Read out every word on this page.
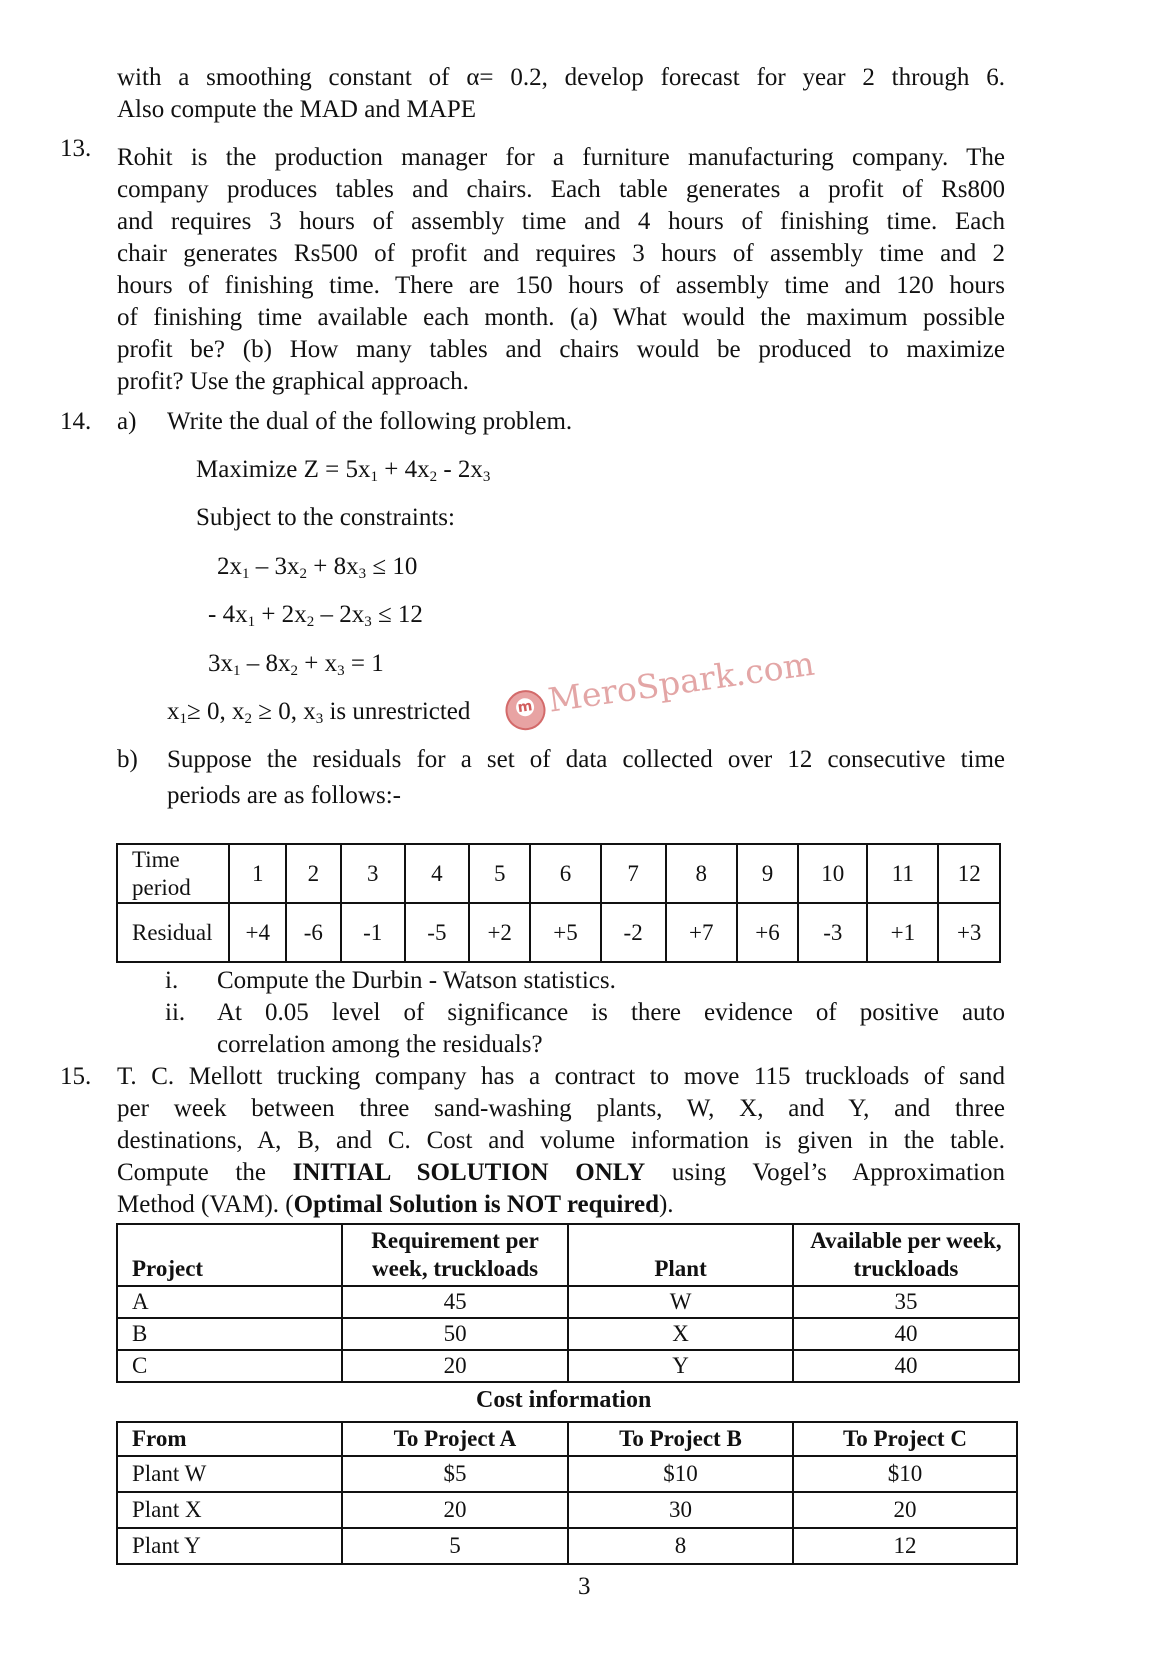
with a smoothing constant of α= 0.2, develop forecast for year 2 through 6.
Also compute the MAD and MAPE
13. Rohit is the production manager for a furniture manufacturing company. The
company produces tables and chairs. Each table generates a profit of Rs800
and requires 3 hours of assembly time and 4 hours of finishing time. Each
chair generates Rs500 of profit and requires 3 hours of assembly time and 2
hours of finishing time. There are 150 hours of assembly time and 120 hours
of finishing time available each month. (a) What would the maximum possible
profit be? (b) How many tables and chairs would be produced to maximize
profit? Use the graphical approach.
14. a) Write the dual of the following problem.
Maximize $Z = 5x_1 + 4x_2 - 2x_3$
Subject to the constraints:
$2x_1 - 3x_2 + 8x_3 \le 10$
- $4x_1 + 2x_2 - 2x_3 \le 12$
$3x_1 - 8x_2 + x_3 = 1$
$x_1\ge 0$, $x_2 \ge 0$, $x_3$ is unrestricted	m MeroSpark.com
b) Suppose the residuals for a set of data collected over 12 consecutive time
periods are as follows:-
Time period	1	2	3	4	5	6	7	8	9	10	11	12
Residual	+4	-6	-1	-5	+2	+5	-2	+7	+6	-3	+1	+3
i. Compute the Durbin - Watson statistics.
ii. At 0.05 level of significance is there evidence of positive auto
correlation among the residuals?
15. T. C. Mellott trucking company has a contract to move 115 truckloads of sand
per week between three sand-washing plants, W, X, and Y, and three
destinations, A, B, and C. Cost and volume information is given in the table.
Compute the INITIAL SOLUTION ONLY using Vogel’s Approximation
Method (VAM). (Optimal Solution is NOT required).
Project	Requirement per week, truckloads	Plant	Available per week, truckloads
A	45	W	35
B	50	X	40
C	20	Y	40
Cost information
From	To Project A	To Project B	To Project C
Plant W	$5	$10	$10
Plant X	20	30	20
Plant Y	5	8	12
3
